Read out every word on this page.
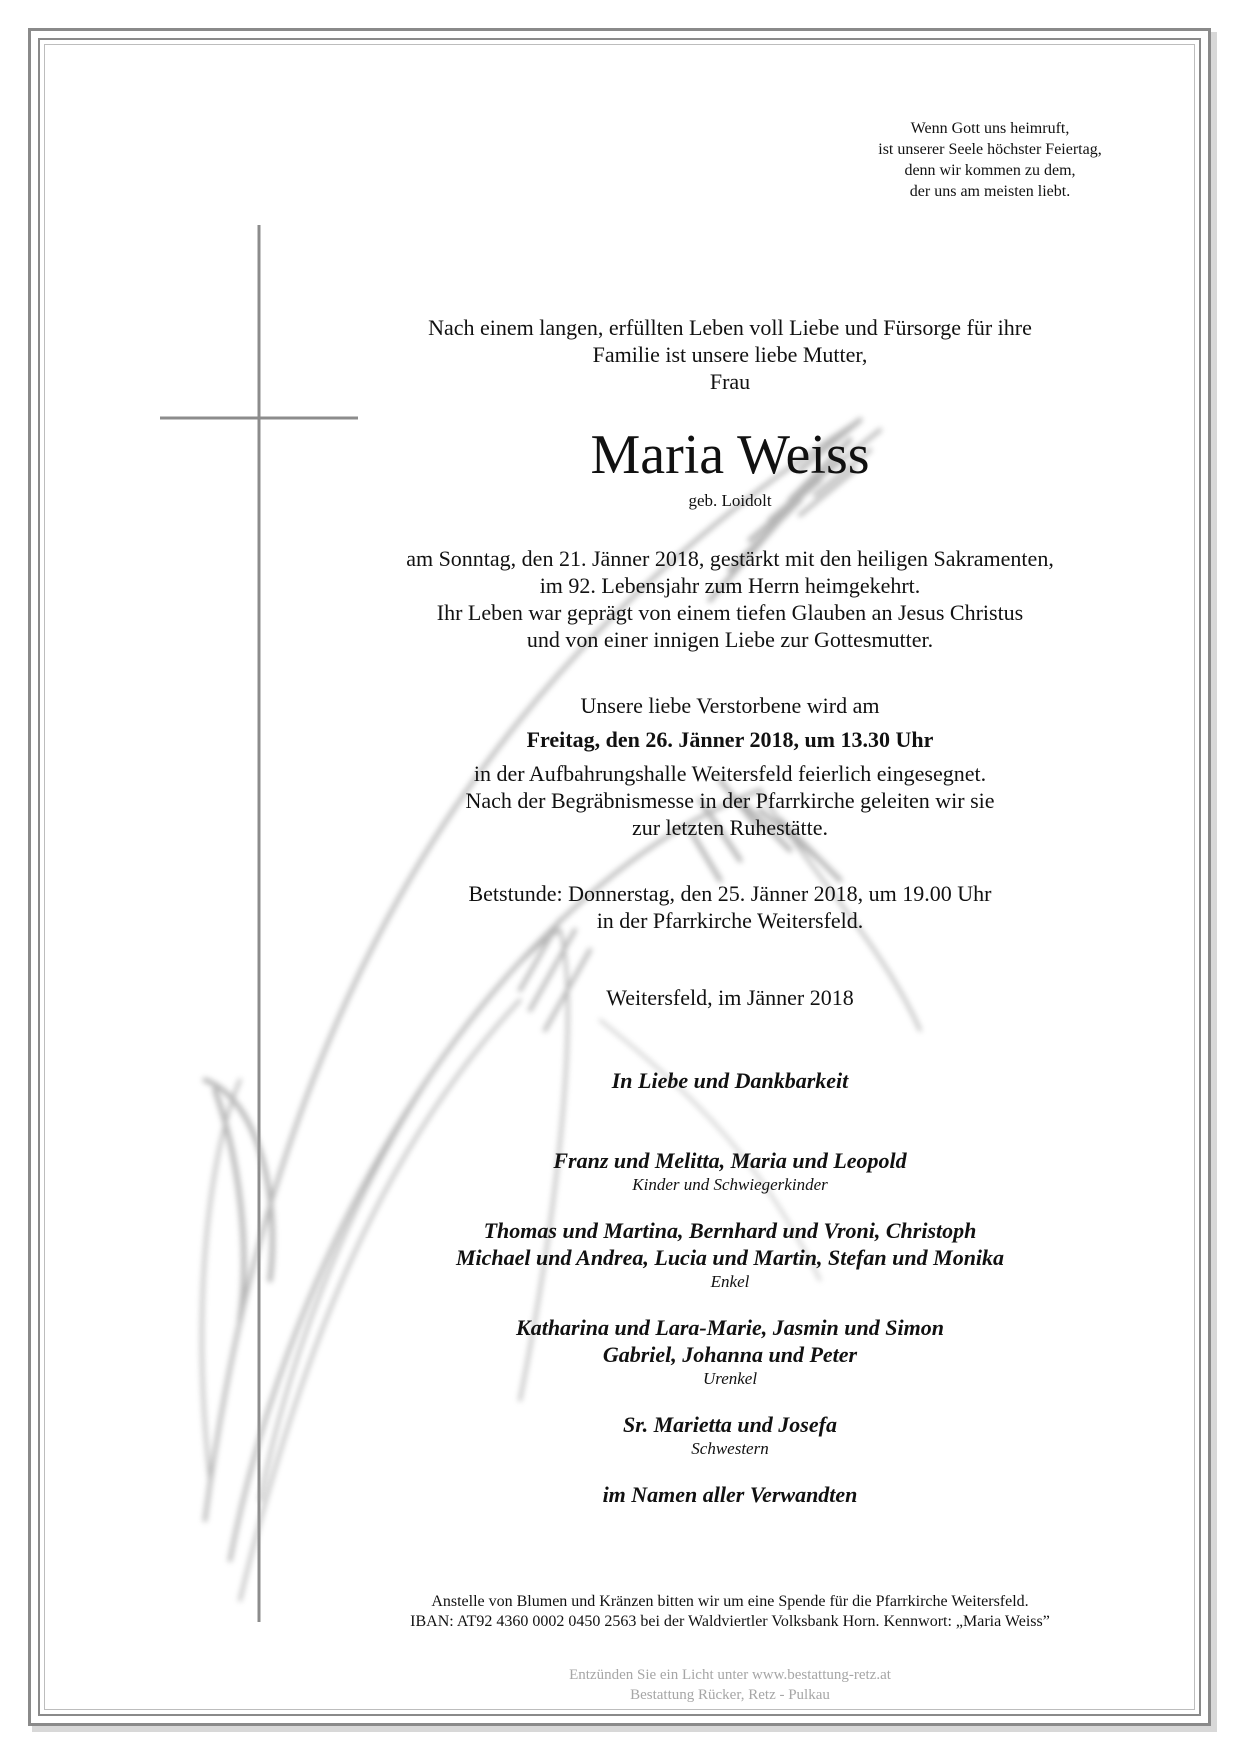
Wenn Gott uns heimruft,
ist unserer Seele höchster Feiertag,
denn wir kommen zu dem,
der uns am meisten liebt.
Nach einem langen, erfüllten Leben voll Liebe und Fürsorge für ihre
Familie ist unsere liebe Mutter,
Frau
Maria Weiss
geb. Loidolt
am Sonntag, den 21. Jänner 2018, gestärkt mit den heiligen Sakramenten,
im 92. Lebensjahr zum Herrn heimgekehrt.
Ihr Leben war geprägt von einem tiefen Glauben an Jesus Christus
und von einer innigen Liebe zur Gottesmutter.
Unsere liebe Verstorbene wird am
Freitag, den 26. Jänner 2018, um 13.30 Uhr
in der Aufbahrungshalle Weitersfeld feierlich eingesegnet.
Nach der Begräbnismesse in der Pfarrkirche geleiten wir sie
zur letzten Ruhestätte.
Betstunde: Donnerstag, den 25. Jänner 2018, um 19.00 Uhr
in der Pfarrkirche Weitersfeld.
Weitersfeld, im Jänner 2018
In Liebe und Dankbarkeit
Franz und Melitta, Maria und Leopold
Kinder und Schwiegerkinder
Thomas und Martina, Bernhard und Vroni, Christoph
Michael und Andrea, Lucia und Martin, Stefan und Monika
Enkel
Katharina und Lara-Marie, Jasmin und Simon
Gabriel, Johanna und Peter
Urenkel
Sr. Marietta und Josefa
Schwestern
im Namen aller Verwandten
Anstelle von Blumen und Kränzen bitten wir um eine Spende für die Pfarrkirche Weitersfeld.
IBAN: AT92 4360 0002 0450 2563 bei der Waldviertler Volksbank Horn. Kennwort: „Maria Weiss”
Entzünden Sie ein Licht unter www.bestattung-retz.at
Bestattung Rücker, Retz - Pulkau
